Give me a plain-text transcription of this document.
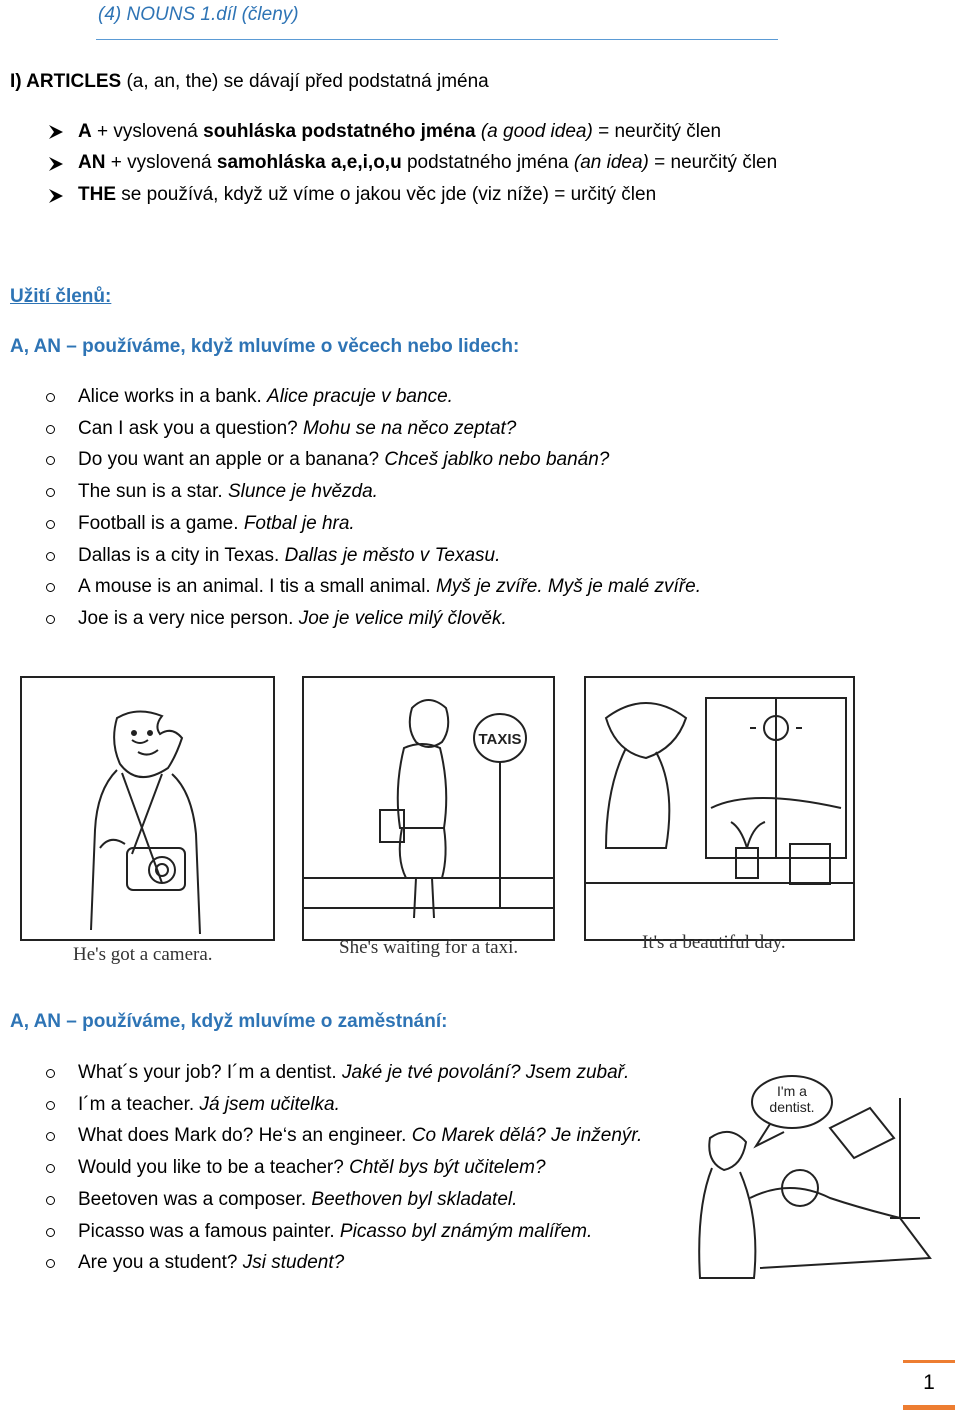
(4) NOUNS 1.díl (členy)
I) ARTICLES (a, an, the) se dávají před podstatná jména
A + vyslovená souhláska podstatného jména (a good idea) = neurčitý člen
AN + vyslovená samohláska a,e,i,o,u podstatného jména (an idea) = neurčitý člen
THE se používá, když už víme o jakou věc jde (viz níže) = určitý člen
Užití členů:
A, AN – používáme, když mluvíme o věcech nebo lidech:
Alice works in a bank. Alice pracuje v bance.
Can I ask you a question? Mohu se na něco zeptat?
Do you want an apple or a banana? Chceš jablko nebo banán?
The sun is a star. Slunce je hvězda.
Football is a game. Fotbal je hra.
Dallas is a city in Texas. Dallas je město v Texasu.
A mouse is an animal. I tis a small animal. Myš je zvíře. Myš je malé zvíře.
Joe is a very nice person. Joe je velice milý člověk.
He's got a camera.
TAXIS
She's waiting for a taxi.	It's a beautiful day.
A, AN – používáme, když mluvíme o zaměstnání:
What´s your job? I´m a dentist. Jaké je tvé povolání? Jsem zubař.
I´m a teacher. Já jsem učitelka.
What does Mark do? He‘s an engineer. Co Marek dělá? Je inženýr.
Would you like to be a teacher? Chtěl bys být učitelem?
Beetoven was a composer. Beethoven byl skladatel.
Picasso was a famous painter. Picasso byl známým malířem.
Are you a student? Jsi student?
I'm a
dentist.
1
